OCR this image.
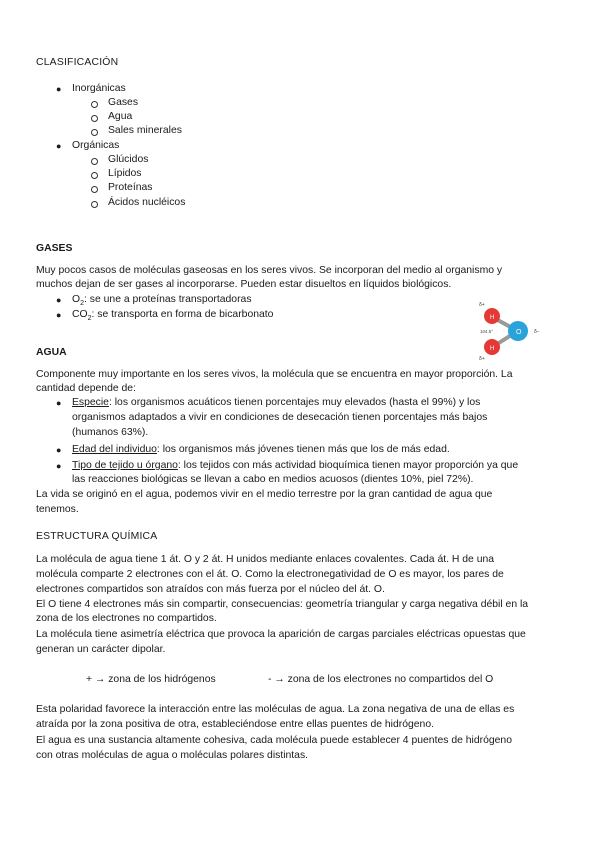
CLASIFICACIÓN
● Inorgánicas
Gases
Agua
Sales minerales
● Orgánicas
Glúcidos
Lípidos
Proteínas
Ácidos nucléicos
GASES
Muy pocos casos de moléculas gaseosas en los seres vivos. Se incorporan del medio al organismo y
muchos dejan de ser gases al incorporarse. Pueden estar disueltos en líquidos biológicos.
● $O_2$: se une a proteínas transportadoras
● $CO_2$: se transporta en forma de bicarbonato	H
H
O
104.5°
δ+
δ+
δ−
AGUA
Componente muy importante en los seres vivos, la molécula que se encuentra en mayor proporción. La
cantidad depende de:
● Especie: los organismos acuáticos tienen porcentajes muy elevados (hasta el 99%) y los
organismos adaptados a vivir en condiciones de desecación tienen porcentajes más bajos
(humanos 63%).
● Edad del individuo: los organismos más jóvenes tienen más que los de más edad.
● Tipo de tejido u órgano: los tejidos con más actividad bioquímica tienen mayor proporción ya que
las reacciones biológicas se llevan a cabo en medios acuosos (dientes 10%, piel 72%).
La vida se originó en el agua, podemos vivir en el medio terrestre por la gran cantidad de agua que
tenemos.
ESTRUCTURA QUÍMICA
La molécula de agua tiene 1 át. O y 2 át. H unidos mediante enlaces covalentes. Cada át. H de una
molécula comparte 2 electrones con el át. O. Como la electronegatividad de O es mayor, los pares de
electrones compartidos son atraídos con más fuerza por el núcleo del át. O.
El O tiene 4 electrones más sin compartir, consecuencias: geometría triangular y carga negativa débil en la
zona de los electrones no compartidos.
La molécula tiene asimetría eléctrica que provoca la aparición de cargas parciales eléctricas opuestas que
generan un carácter dipolar.
+ → zona de los hidrógenos	- → zona de los electrones no compartidos del O
Esta polaridad favorece la interacción entre las moléculas de agua. La zona negativa de una de ellas es
atraída por la zona positiva de otra, estableciéndose entre ellas puentes de hidrógeno.
El agua es una sustancia altamente cohesiva, cada molécula puede establecer 4 puentes de hidrógeno
con otras moléculas de agua o moléculas polares distintas.
